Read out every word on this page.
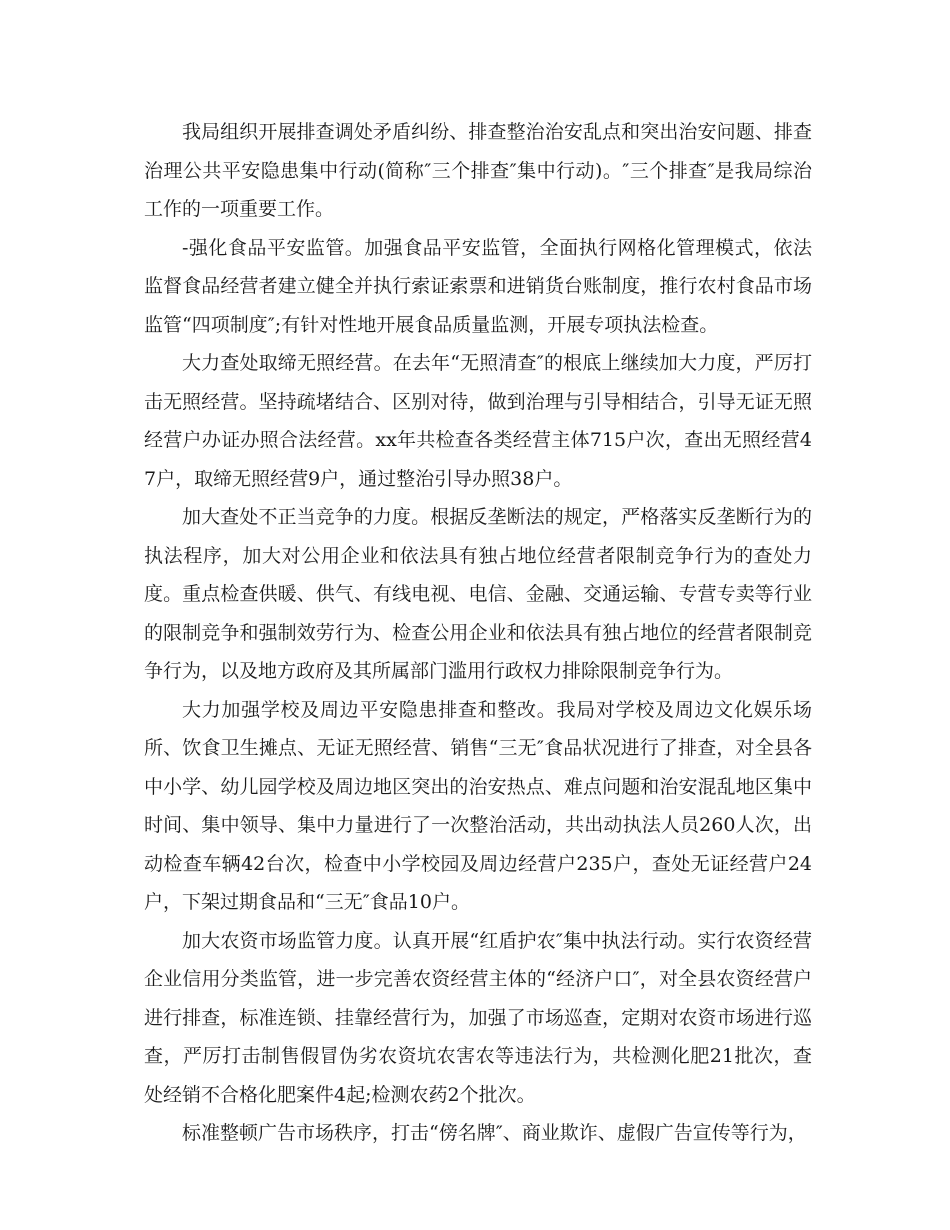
我局组织开展排查调处矛盾纠纷、排查整治治安乱点和突出治安问题、排查治理公共平安隐患集中行动(简称″三个排查″集中行动)。″三个排查″是我局综治工作的一项重要工作。

-强化食品平安监管。加强食品平安监管，全面执行网格化管理模式，依法监督食品经营者建立健全并执行索证索票和进销货台账制度，推行农村食品市场监管“四项制度″;有针对性地开展食品质量监测，开展专项执法检查。

大力查处取缔无照经营。在去年“无照清查″的根底上继续加大力度，严厉打击无照经营。坚持疏堵结合、区别对待，做到治理与引导相结合，引导无证无照经营户办证办照合法经营。xx年共检查各类经营主体715户次，查出无照经营47户，取缔无照经营9户，通过整治引导办照38户。

加大查处不正当竞争的力度。根据反垄断法的规定，严格落实反垄断行为的执法程序，加大对公用企业和依法具有独占地位经营者限制竞争行为的查处力度。重点检查供暖、供气、有线电视、电信、金融、交通运输、专营专卖等行业的限制竞争和强制效劳行为、检查公用企业和依法具有独占地位的经营者限制竞争行为，以及地方政府及其所属部门滥用行政权力排除限制竞争行为。

大力加强学校及周边平安隐患排查和整改。我局对学校及周边文化娱乐场所、饮食卫生摊点、无证无照经营、销售“三无″食品状况进行了排查，对全县各中小学、幼儿园学校及周边地区突出的治安热点、难点问题和治安混乱地区集中时间、集中领导、集中力量进行了一次整治活动，共出动执法人员260人次，出动检查车辆42台次，检查中小学校园及周边经营户235户，查处无证经营户24户，下架过期食品和“三无″食品10户。

加大农资市场监管力度。认真开展“红盾护农″集中执法行动。实行农资经营企业信用分类监管，进一步完善农资经营主体的“经济户口″，对全县农资经营户进行排查，标准连锁、挂靠经营行为，加强了市场巡查，定期对农资市场进行巡查，严厉打击制售假冒伪劣农资坑农害农等违法行为，共检测化肥21批次，查处经销不合格化肥案件4起;检测农药2个批次。

标准整顿广告市场秩序，打击“傍名牌″、商业欺诈、虚假广告宣传等行为，
